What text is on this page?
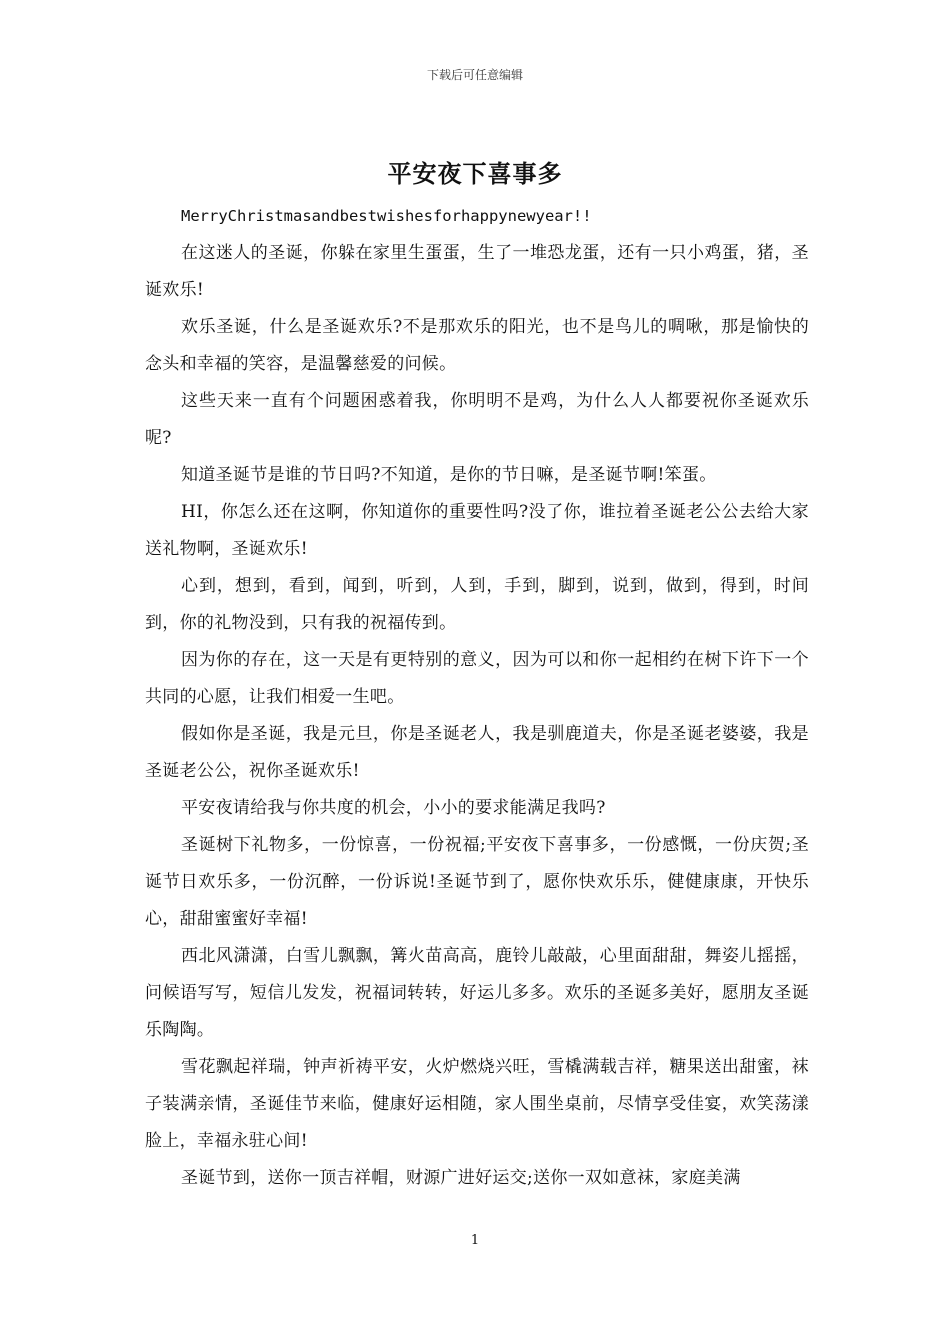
下载后可任意编辑
平安夜下喜事多

MerryChristmasandbestwishesforhappynewyear!!

在这迷人的圣诞，你躲在家里生蛋蛋，生了一堆恐龙蛋，还有一只小鸡蛋，猪，圣诞欢乐!

欢乐圣诞，什么是圣诞欢乐?不是那欢乐的阳光，也不是鸟儿的啁啾，那是愉快的念头和幸福的笑容，是温馨慈爱的问候。

这些天来一直有个问题困惑着我，你明明不是鸡，为什么人人都要祝你圣诞欢乐呢?

知道圣诞节是谁的节日吗?不知道，是你的节日嘛，是圣诞节啊!笨蛋。

HI，你怎么还在这啊，你知道你的重要性吗?没了你，谁拉着圣诞老公公去给大家送礼物啊，圣诞欢乐!

心到，想到，看到，闻到，听到，人到，手到，脚到，说到，做到，得到，时间到，你的礼物没到，只有我的祝福传到。

因为你的存在，这一天是有更特别的意义，因为可以和你一起相约在树下许下一个共同的心愿，让我们相爱一生吧。

假如你是圣诞，我是元旦，你是圣诞老人，我是驯鹿道夫，你是圣诞老婆婆，我是圣诞老公公，祝你圣诞欢乐!

平安夜请给我与你共度的机会，小小的要求能满足我吗?

圣诞树下礼物多，一份惊喜，一份祝福;平安夜下喜事多，一份感慨，一份庆贺;圣诞节日欢乐多，一份沉醉，一份诉说!圣诞节到了，愿你快欢乐乐，健健康康，开快乐心，甜甜蜜蜜好幸福!

西北风潇潇，白雪儿飘飘，篝火苗高高，鹿铃儿敲敲，心里面甜甜，舞姿儿摇摇，问候语写写，短信儿发发，祝福词转转，好运儿多多。欢乐的圣诞多美好，愿朋友圣诞乐陶陶。

雪花飘起祥瑞，钟声祈祷平安，火炉燃烧兴旺，雪橇满载吉祥，糖果送出甜蜜，袜子装满亲情，圣诞佳节来临，健康好运相随，家人围坐桌前，尽情享受佳宴，欢笑荡漾脸上，幸福永驻心间!

圣诞节到，送你一顶吉祥帽，财源广进好运交;送你一双如意袜，家庭美满

1
